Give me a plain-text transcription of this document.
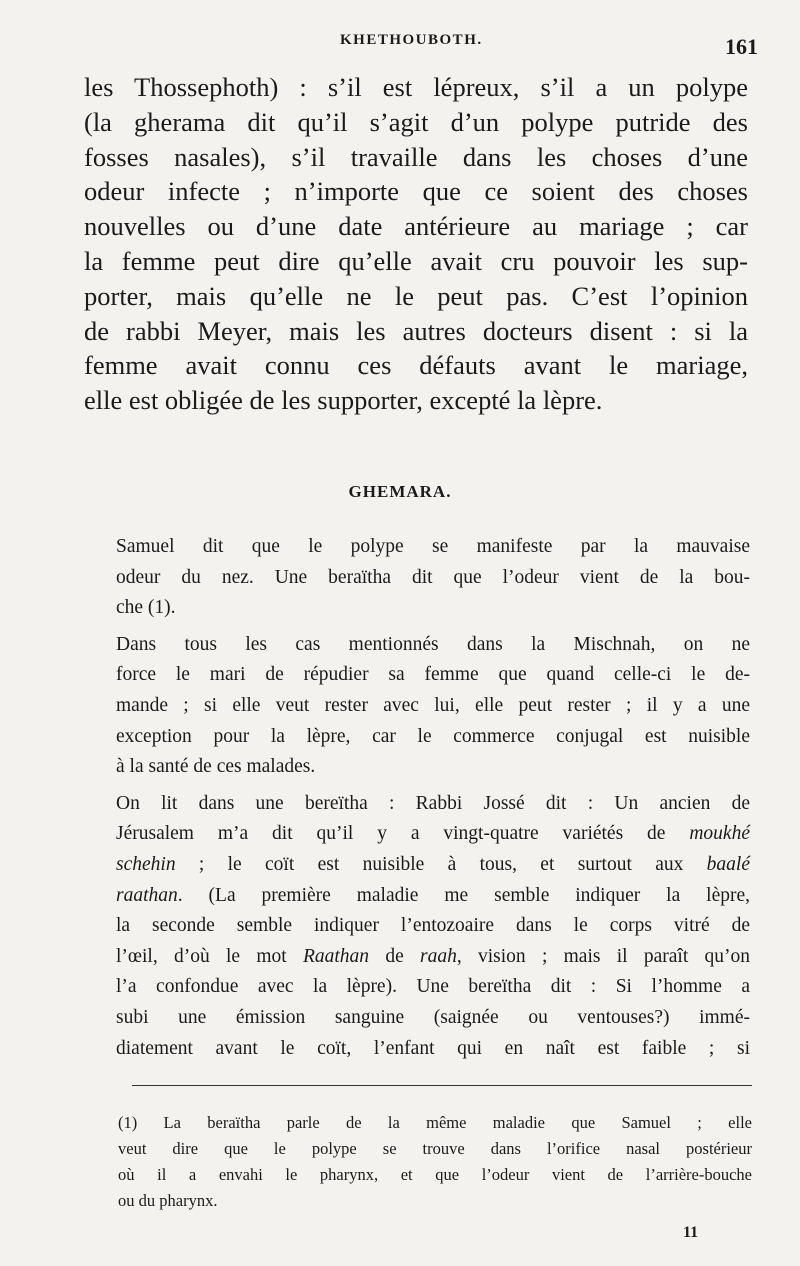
KHETHOUBOTH.	161
les Thossephoth) : s’il est lépreux, s’il a un polype
(la gherama dit qu’il s’agit d’un polype putride des
fosses nasales), s’il travaille dans les choses d’une
odeur infecte ; n’importe que ce soient des choses
nouvelles ou d’une date antérieure au mariage ; car
la femme peut dire qu’elle avait cru pouvoir les sup-
porter, mais qu’elle ne le peut pas. C’est l’opinion
de rabbi Meyer, mais les autres docteurs disent : si la
femme avait connu ces défauts avant le mariage,
elle est obligée de les supporter, excepté la lèpre.
GHEMARA.
Samuel dit que le polype se manifeste par la mauvaise
odeur du nez. Une beraïtha dit que l’odeur vient de la bou-
che (1).
Dans tous les cas mentionnés dans la Mischnah, on ne
force le mari de répudier sa femme que quand celle-ci le de-
mande ; si elle veut rester avec lui, elle peut rester ; il y a une
exception pour la lèpre, car le commerce conjugal est nuisible
à la santé de ces malades.
On lit dans une bereïtha : Rabbi Jossé dit : Un ancien de
Jérusalem m’a dit qu’il y a vingt-quatre variétés de moukhé
schehin ; le coït est nuisible à tous, et surtout aux baalé
raathan. (La première maladie me semble indiquer la lèpre,
la seconde semble indiquer l’entozoaire dans le corps vitré de
l’œil, d’où le mot Raathan de raah, vision ; mais il paraît qu’on
l’a confondue avec la lèpre). Une bereïtha dit : Si l’homme a
subi une émission sanguine (saignée ou ventouses?) immé-
diatement avant le coït, l’enfant qui en naît est faible ; si
(1) La beraïtha parle de la même maladie que Samuel ; elle
veut dire que le polype se trouve dans l’orifice nasal postérieur
où il a envahi le pharynx, et que l’odeur vient de l’arrière-bouche
ou du pharynx.
11
